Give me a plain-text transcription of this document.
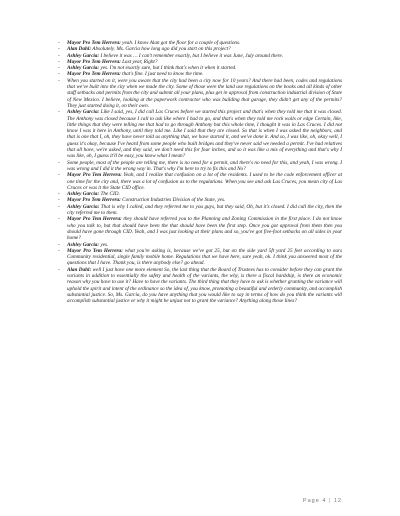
- Mayor Pro Tem Herrera: yeah. I know Alan got the floor for a couple of questions.
- Alan Dahl: Absolutely. Ms. Garcia how long ago did you start on this project?
- Ashley Garcia: I believe it was … I can't remember exactly, but I believe it was June, July around there.
- Mayor Pro Tem Herrera: Last year, Right?
- Ashley Garcia: yes. I'm not exactly sure, but I think that's when it when it started.
- Mayor Pro Tem Herrera: that's fine. I just need to know the time.
- When you started on it, were you aware that the city had been a city now for 10 years? And there had been, codes and regulations that we've built into the city when we made the city. Some of those were the land use regulations on the books and all kinds of other stuff setbacks and permits from the city and submit all your plans, plus get in approval from construction industrial division of State of New Mexico. I believe, looking at the paperwork contractor who was building that garage, they didn't get any of the permits? They just started doing it, on their own.
- Ashley Garcia: Like I said, yes, I did call Las Cruces before we started this project and that's when they told me that it was closed. The Anthony was closed because I call to ask like where I had to go, and that's when they told me rock walls or edge Certain, like, little things that they were telling me that had to go through Anthony but this whole time, I thought it was in Las Cruces. I did not know I was it here in Anthony, until they told me. Like I said that they are closed. So that is when I was asked the neighbors, and that is one that I, oh, they have never told us anything that, we have started it, and we've done it. And so, I was like, oh, okay well, I guess it's okay, because I've heard from some people who built bridges and they've never said we needed a permit. I've had relatives that all have, we're asked, and they said, we don't need this for four inches, and so it was like a mix of everything and that's why I was like, oh, I guess it'll be easy, you know what I mean?
- Some people, most of the people are telling me, there is no need for a permit, and there's no need for this, and yeah, I was wrong. I was wrong and I did it the wrong way in. That's why I'm here to try to fix this and No?
- Mayor Pro Tem Herrera: Yeah, and I realize that confusion on a lot of the residents. I used to be the code enforcement officer at one time for the city and, there was a lot of confusion as to the regulations. When you see and ask Las Cruces, you mean city of Las Cruces or was it the State CID office.
- Ashley Garcia: The CID.
- Mayor Pro Tem Herrera: Construction Industries Division of the State, yes.
- Ashley Garcia: That is why I called, and they referred me to you guys, but they said, Oh, but it's closed. I did call the city, then the city referred me to them.
- Mayor Pro Tem Herrera: they should have referred you to the Planning and Zoning Commission in the first place. I do not know who you talk to, but that should have been the that should have been the first step. Once you got approval from them then you should have gone through CID. Yeah, and I was just looking at their plans and so, you've got five-foot setbacks on all sides in your home?
- Ashley Garcia: yes.
- Mayor Pro Tem Herrera: what you're asking is, because we've got 25, but on the side yard 5ft yard 25 feet according to ours Community residential, single family mobile home. Regulations that we have here, sure yeah, ok. I think you answered most of the questions that I have. Thank you, is there anybody else? go ahead.
- Alan Dahl: well I just have one more element So, the last thing that the Board of Trustees has to consider before they can grant the variants in addition to essentially the safety and health of the variants, the why, is there a fiscal hardship, is there an economic reason why you have to use it? Have to have the variants. The third thing that they have to ask is whether granting the variance will uphold the spirit and intent of the ordinance so the idea of, you know, promoting a beautiful and orderly community, and accomplish substantial justice. So, Ms. Garcia, do you have anything that you would like to say in terms of how do you think the variants will accomplish substantial justice or why it might be unjust not to grant the variance? Anything along those lines?
Page 4 | 12
